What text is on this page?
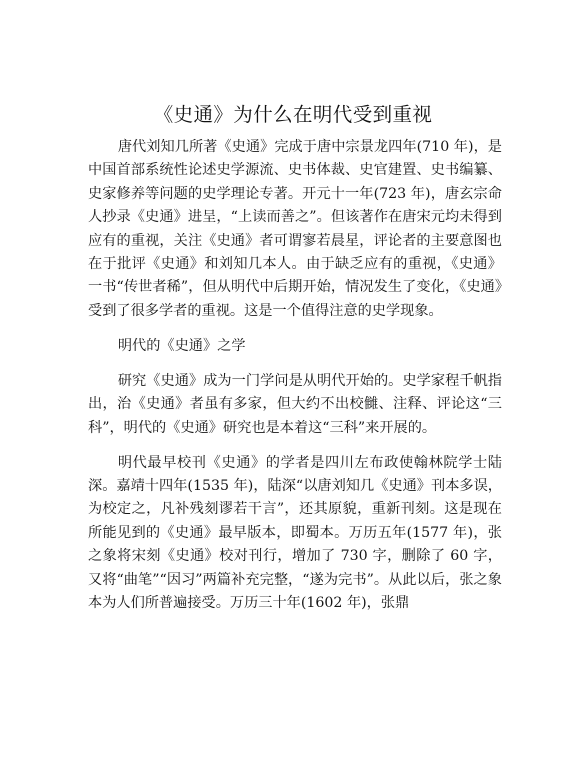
《史通》为什么在明代受到重视

唐代刘知几所著《史通》完成于唐中宗景龙四年(710 年)，是中国首部系统性论述史学源流、史书体裁、史官建置、史书编纂、史家修养等问题的史学理论专著。开元十一年(723 年)，唐玄宗命人抄录《史通》进呈，“上读而善之”。但该著作在唐宋元均未得到应有的重视，关注《史通》者可谓寥若晨星，评论者的主要意图也在于批评《史通》和刘知几本人。由于缺乏应有的重视，《史通》一书“传世者稀”，但从明代中后期开始，情况发生了变化，《史通》受到了很多学者的重视。这是一个值得注意的史学现象。

明代的《史通》之学

研究《史通》成为一门学问是从明代开始的。史学家程千帆指出，治《史通》者虽有多家，但大约不出校雠、注释、评论这“三科”，明代的《史通》研究也是本着这“三科”来开展的。

明代最早校刊《史通》的学者是四川左布政使翰林院学士陆深。嘉靖十四年(1535 年)，陆深“以唐刘知几《史通》刊本多误，为校定之，凡补残刻谬若干言”，还其原貌，重新刊刻。这是现在所能见到的《史通》最早版本，即蜀本。万历五年(1577 年)，张之象将宋刻《史通》校对刊行，增加了 730 字，删除了 60 字，又将“曲笔”“因习”两篇补充完整，“遂为完书”。从此以后，张之象本为人们所普遍接受。万历三十年(1602 年)，张鼎
